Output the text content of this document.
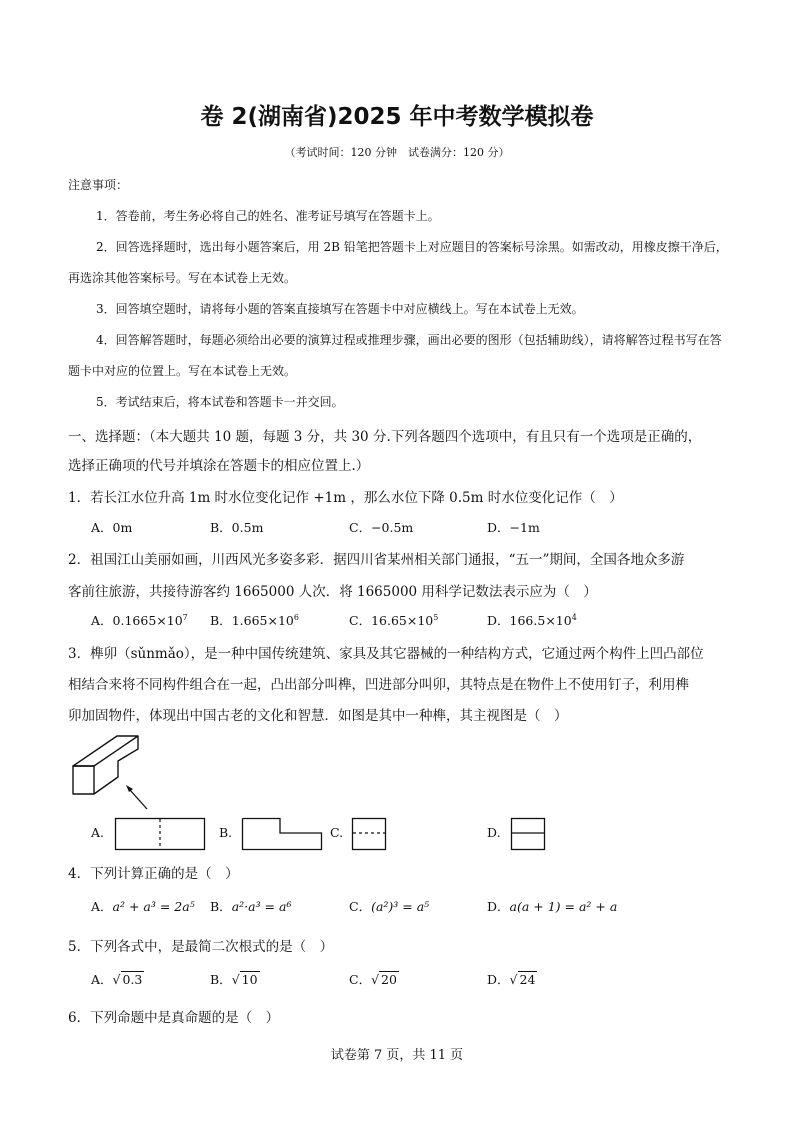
卷 2(湖南省)2025 年中考数学模拟卷
（考试时间：120 分钟　试卷满分：120 分）
注意事项：
1．答卷前，考生务必将自己的姓名、准考证号填写在答题卡上。
2．回答选择题时，选出每小题答案后，用 2B 铅笔把答题卡上对应题目的答案标号涂黑。如需改动，用橡皮擦干净后，
再选涂其他答案标号。写在本试卷上无效。
3．回答填空题时，请将每小题的答案直接填写在答题卡中对应横线上。写在本试卷上无效。
4．回答解答题时，每题必须给出必要的演算过程或推理步骤，画出必要的图形（包括辅助线），请将解答过程书写在答
题卡中对应的位置上。写在本试卷上无效。
5．考试结束后，将本试卷和答题卡一并交回。
一、选择题：（本大题共 10 题，每题 3 分，共 30 分.下列各题四个选项中，有且只有一个选项是正确的，
选择正确项的代号并填涂在答题卡的相应位置上.）
1．若长江水位升高 1m 时水位变化记作 +1m ，那么水位下降 0.5m 时水位变化记作（　）
A．0m	B．0.5m	C．−0.5m	D．−1m
2．祖国江山美丽如画，川西风光多姿多彩．据四川省某州相关部门通报，“五一”期间，全国各地众多游
客前往旅游，共接待游客约 1665000 人次．将 1665000 用科学记数法表示应为（　）
A．$0.1665\times 10^7$ B．$1.665\times 10^6$	C．$16.65\times 10^5$	D．$166.5\times 10^4$
3．榫卯（sǔnmǎo），是一种中国传统建筑、家具及其它器械的一种结构方式，它通过两个构件上凹凸部位
相结合来将不同构件组合在一起，凸出部分叫榫，凹进部分叫卯，其特点是在物件上不使用钉子，利用榫
卯加固物件，体现出中国古老的文化和智慧．如图是其中一种榫，其主视图是（　）
A.	B.	C.	D.
4．下列计算正确的是（　）
A．a² + a³ = 2a⁵ B．a²·a³ = a⁶	C．(a²)³ = a⁵	D．a(a + 1) = a² + a
5．下列各式中，是最简二次根式的是（　）
A．√ 0.3	B．√ 10	C．√ 20	D．√ 24
6．下列命题中是真命题的是（　）
试卷第 7 页，共 11 页
